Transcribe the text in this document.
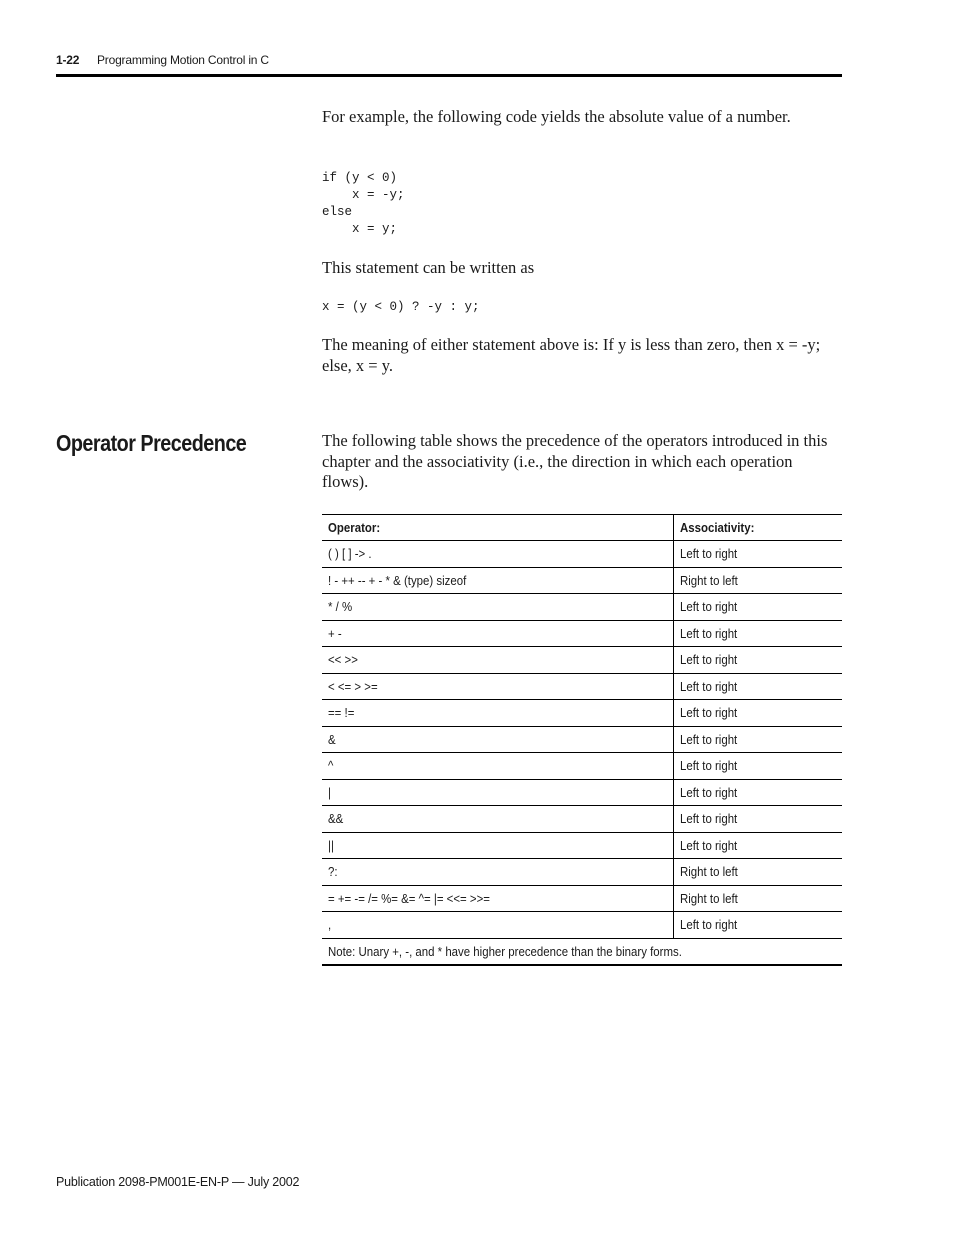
1-22 Programming Motion Control in C
For example, the following code yields the absolute value of a number.
if (y < 0)
x = -y;
else
x = y;
This statement can be written as
x = (y < 0) ? -y : y;
The meaning of either statement above is: If y is less than zero, then x = -y; else, x = y.
Operator Precedence	The following table shows the precedence of the operators introduced in this chapter and the associativity (i.e., the direction in which each operation flows).
Operator:	Associativity:
( ) [ ] -> .	Left to right
! - ++ -- + - * & (type) sizeof	Right to left
* / %	Left to right
+ -	Left to right
<< >>	Left to right
< <= > >=	Left to right
== !=	Left to right
&	Left to right
^	Left to right
|	Left to right
&&	Left to right
||	Left to right
?:	Right to left
= += -= /= %= &= ^= |= <<= >>=	Right to left
,	Left to right
Note: Unary +, -, and * have higher precedence than the binary forms.	
Publication 2098-PM001E-EN-P — July 2002
